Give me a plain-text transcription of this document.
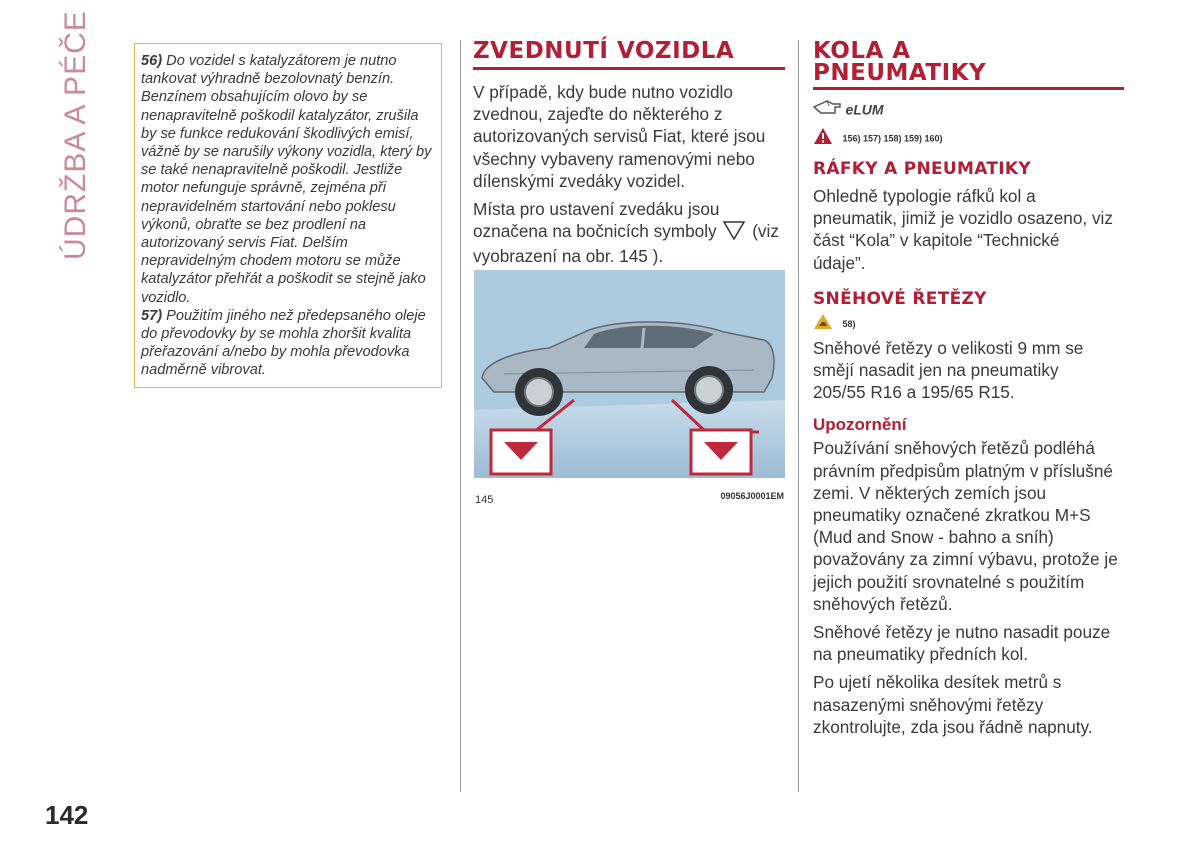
ÚDRŽBA A PÉČE	56) Do vozidel s katalyzátorem je nutno tankovat výhradně bezolovnatý benzín. Benzínem obsahujícím olovo by se nenapravitelně poškodil katalyzátor, zrušila by se funkce redukování škodlivých emisí, vážně by se narušily výkony vozidla, který by se také nenapravitelně poškodil. Jestliže motor nefunguje správně, zejména při nepravidelném startování nebo poklesu výkonů, obraťte se bez prodlení na autorizovaný servis Fiat. Delším nepravidelným chodem motoru se může katalyzátor přehřát a poškodit se stejně jako vozidlo.

57) Použitím jiného než předepsaného oleje do převodovky by se mohla zhoršit kvalita přeřazování a/nebo by mohla převodovka nadměrně vibrovat.

ZVEDNUTÍ VOZIDLA

V případě, kdy bude nutno vozidlo zvednou, zajeďte do některého z autorizovaných servisů Fiat, které jsou všechny vybaveny ramenovými nebo dílenskými zvedáky vozidel.

Místa pro ustavení zvedáku jsou
označena na bočnicích symboly (viz
vyobrazení na obr. 145 ).
145	09056J0001EM
KOLA A
PNEUMATIKY
eLUM
156) 157) 158) 159) 160)
RÁFKY A PNEUMATIKY

Ohledně typologie ráfků kol a pneumatik, jimiž je vozidlo osazeno, viz část “Kola” v kapitole “Technické údaje”.

SNĚHOVÉ ŘETĚZY
58)

Sněhové řetězy o velikosti 9 mm se smějí nasadit jen na pneumatiky 205/55 R16 a 195/65 R15.

Upozornění

Používání sněhových řetězů podléhá právním předpisům platným v příslušné zemi. V některých zemích jsou pneumatiky označené zkratkou M+S (Mud and Snow - bahno a sníh) považovány za zimní výbavu, protože je jejich použití srovnatelné s použitím sněhových řetězů.

Sněhové řetězy je nutno nasadit pouze na pneumatiky předních kol.

Po ujetí několika desítek metrů s nasazenými sněhovými řetězy zkontrolujte, zda jsou řádně napnuty.

142
